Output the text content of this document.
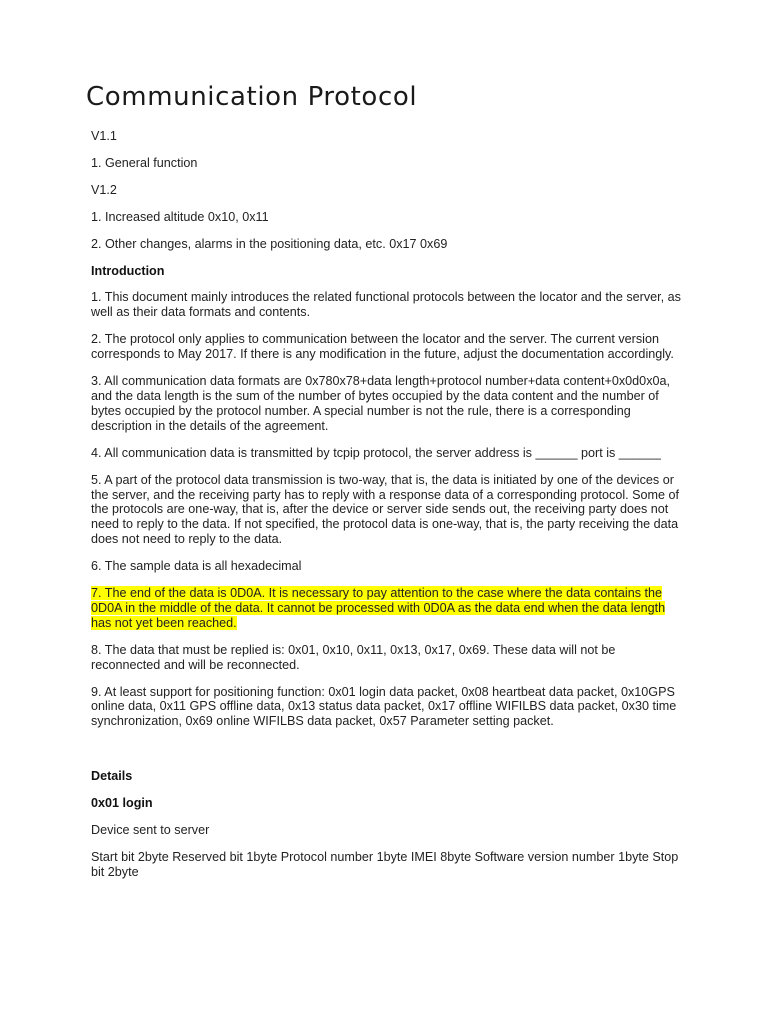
Communication Protocol

V1.1

1. General function

V1.2

1. Increased altitude 0x10, 0x11

2. Other changes, alarms in the positioning data, etc. 0x17 0x69

Introduction

1. This document mainly introduces the related functional protocols between the locator and the server, as well as their data formats and contents.

2. The protocol only applies to communication between the locator and the server. The current version corresponds to May 2017. If there is any modification in the future, adjust the documentation accordingly.

3. All communication data formats are 0x780x78+data length+protocol number+data content+0x0d0x0a, and the data length is the sum of the number of bytes occupied by the data content and the number of bytes occupied by the protocol number. A special number is not the rule, there is a corresponding description in the details of the agreement.

4. All communication data is transmitted by tcpip protocol, the server address is ______ port is ______

5. A part of the protocol data transmission is two-way, that is, the data is initiated by one of the devices or the server, and the receiving party has to reply with a response data of a corresponding protocol. Some of the protocols are one-way, that is, after the device or server side sends out, the receiving party does not need to reply to the data. If not specified, the protocol data is one-way, that is, the party receiving the data does not need to reply to the data.

6. The sample data is all hexadecimal

7. The end of the data is 0D0A. It is necessary to pay attention to the case where the data contains the 0D0A in the middle of the data. It cannot be processed with 0D0A as the data end when the data length has not yet been reached.

8. The data that must be replied is: 0x01, 0x10, 0x11, 0x13, 0x17, 0x69. These data will not be reconnected and will be reconnected.

9. At least support for positioning function: 0x01 login data packet, 0x08 heartbeat data packet, 0x10GPS online data, 0x11 GPS offline data, 0x13 status data packet, 0x17 offline WIFILBS data packet, 0x30 time synchronization, 0x69 online WIFILBS data packet, 0x57 Parameter setting packet.

Details

0x01 login

Device sent to server

Start bit 2byte Reserved bit 1byte Protocol number 1byte IMEI 8byte Software version number 1byte Stop bit 2byte
